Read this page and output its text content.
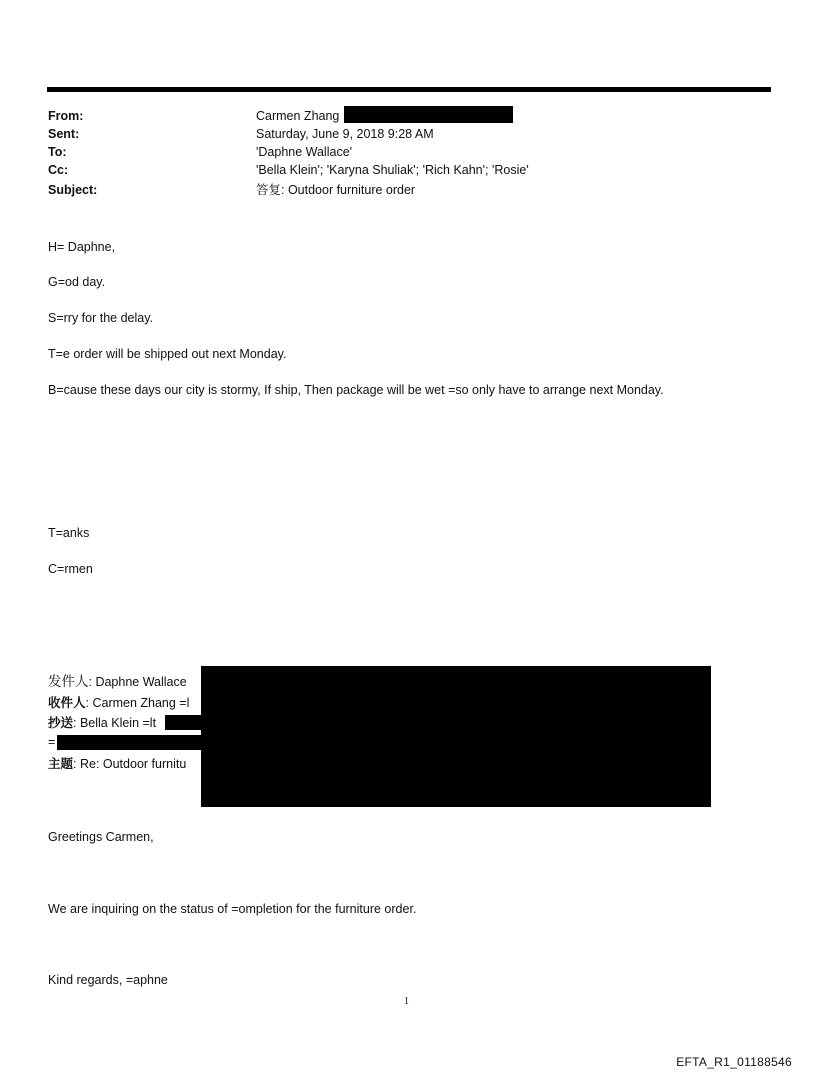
From:	Carmen Zhang
Sent:	Saturday, June 9, 2018 9:28 AM
To:	'Daphne Wallace'
Cc:	'Bella Klein'; 'Karyna Shuliak'; 'Rich Kahn'; 'Rosie'
Subject:	答复: Outdoor furniture order
H= Daphne,
G=od day.
S=rry for the delay.
T=e order will be shipped out next Monday.
B=cause these days our city is stormy, If ship, Then package will be wet =so only have to arrange next Monday.
T=anks
C=rmen
发件人: Daphne Wallace
收件人: Carmen Zhang =l
抄送: Bella Klein =lt
=
主题: Re: Outdoor furnitu
Greetings Carmen,
We are inquiring on the status of =ompletion for the furniture order.
Kind regards, =aphne
1
EFTA_R1_01188546
